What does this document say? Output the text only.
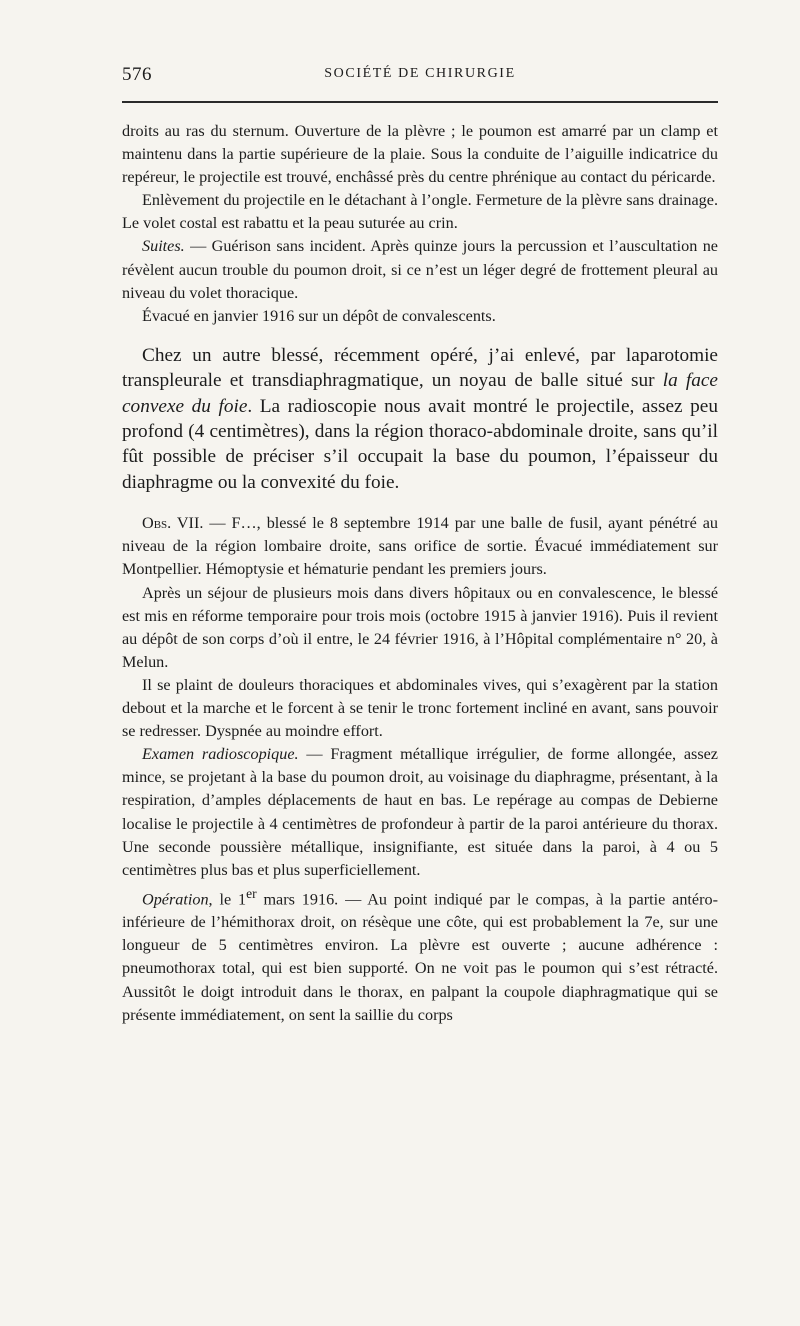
576	SOCIÉTÉ DE CHIRURGIE

droits au ras du sternum. Ouverture de la plèvre ; le poumon est amarré par un clamp et maintenu dans la partie supérieure de la plaie. Sous la conduite de l’aiguille indicatrice du repéreur, le projectile est trouvé, enchâssé près du centre phrénique au contact du péricarde.

Enlèvement du projectile en le détachant à l’ongle. Fermeture de la plèvre sans drainage. Le volet costal est rabattu et la peau suturée au crin.

Suites. — Guérison sans incident. Après quinze jours la percussion et l’auscultation ne révèlent aucun trouble du poumon droit, si ce n’est un léger degré de frottement pleural au niveau du volet thoracique.

Évacué en janvier 1916 sur un dépôt de convalescents.

Chez un autre blessé, récemment opéré, j’ai enlevé, par laparotomie transpleurale et transdiaphragmatique, un noyau de balle situé sur la face convexe du foie. La radioscopie nous avait montré le projectile, assez peu profond (4 centimètres), dans la région thoraco-abdominale droite, sans qu’il fût possible de préciser s’il occupait la base du poumon, l’épaisseur du diaphragme ou la convexité du foie.

Obs. VII. — F…, blessé le 8 septembre 1914 par une balle de fusil, ayant pénétré au niveau de la région lombaire droite, sans orifice de sortie. Évacué immédiatement sur Montpellier. Hémoptysie et hématurie pendant les premiers jours.

Après un séjour de plusieurs mois dans divers hôpitaux ou en convalescence, le blessé est mis en réforme temporaire pour trois mois (octobre 1915 à janvier 1916). Puis il revient au dépôt de son corps d’où il entre, le 24 février 1916, à l’Hôpital complémentaire n° 20, à Melun.

Il se plaint de douleurs thoraciques et abdominales vives, qui s’exagèrent par la station debout et la marche et le forcent à se tenir le tronc fortement incliné en avant, sans pouvoir se redresser. Dyspnée au moindre effort.

Examen radioscopique. — Fragment métallique irrégulier, de forme allongée, assez mince, se projetant à la base du poumon droit, au voisinage du diaphragme, présentant, à la respiration, d’amples déplacements de haut en bas. Le repérage au compas de Debierne localise le projectile à 4 centimètres de profondeur à partir de la paroi antérieure du thorax. Une seconde poussière métallique, insignifiante, est située dans la paroi, à 4 ou 5 centimètres plus bas et plus superficiellement.

Opération, le 1er mars 1916. — Au point indiqué par le compas, à la partie antéro-inférieure de l’hémithorax droit, on résèque une côte, qui est probablement la 7e, sur une longueur de 5 centimètres environ. La plèvre est ouverte ; aucune adhérence : pneumothorax total, qui est bien supporté. On ne voit pas le poumon qui s’est rétracté. Aussitôt le doigt introduit dans le thorax, en palpant la coupole diaphragmatique qui se présente immédiatement, on sent la saillie du corps
